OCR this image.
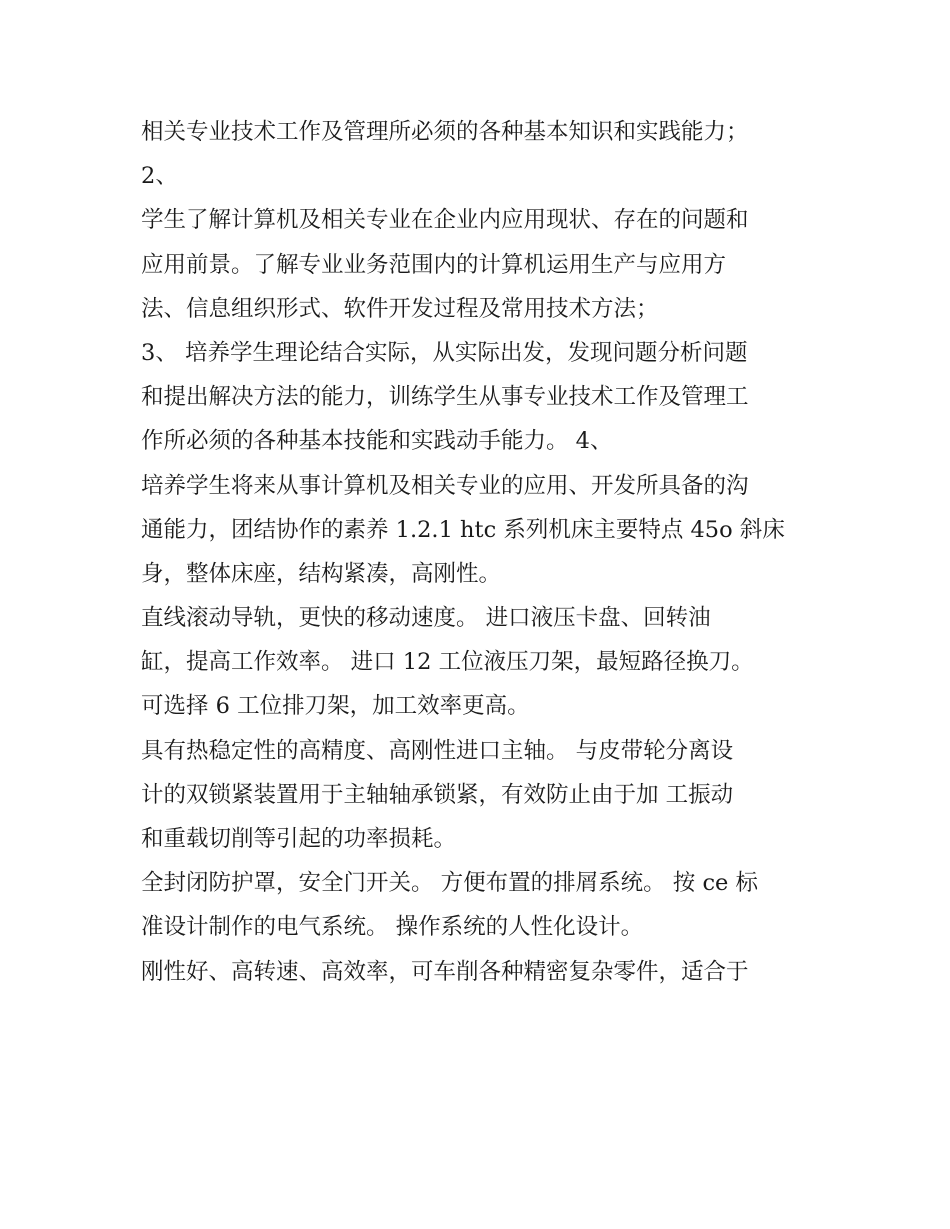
相关专业技术工作及管理所必须的各种基本知识和实践能力；
2、
学生了解计算机及相关专业在企业内应用现状、存在的问题和
应用前景。了解专业业务范围内的计算机运用生产与应用方
法、信息组织形式、软件开发过程及常用技术方法；
3、 培养学生理论结合实际，从实际出发，发现问题分析问题
和提出解决方法的能力，训练学生从事专业技术工作及管理工
作所必须的各种基本技能和实践动手能力。 4、
培养学生将来从事计算机及相关专业的应用、开发所具备的沟
通能力，团结协作的素养 1.2.1 htc 系列机床主要特点 45o 斜床
身，整体床座，结构紧凑，高刚性。
直线滚动导轨，更快的移动速度。 进口液压卡盘、回转油
缸，提高工作效率。 进口 12 工位液压刀架，最短路径换刀。
可选择 6 工位排刀架，加工效率更高。
具有热稳定性的高精度、高刚性进口主轴。 与皮带轮分离设
计的双锁紧装置用于主轴轴承锁紧，有效防止由于加 工振动
和重载切削等引起的功率损耗。
全封闭防护罩，安全门开关。 方便布置的排屑系统。 按 ce 标
准设计制作的电气系统。 操作系统的人性化设计。
刚性好、高转速、高效率，可车削各种精密复杂零件，适合于
